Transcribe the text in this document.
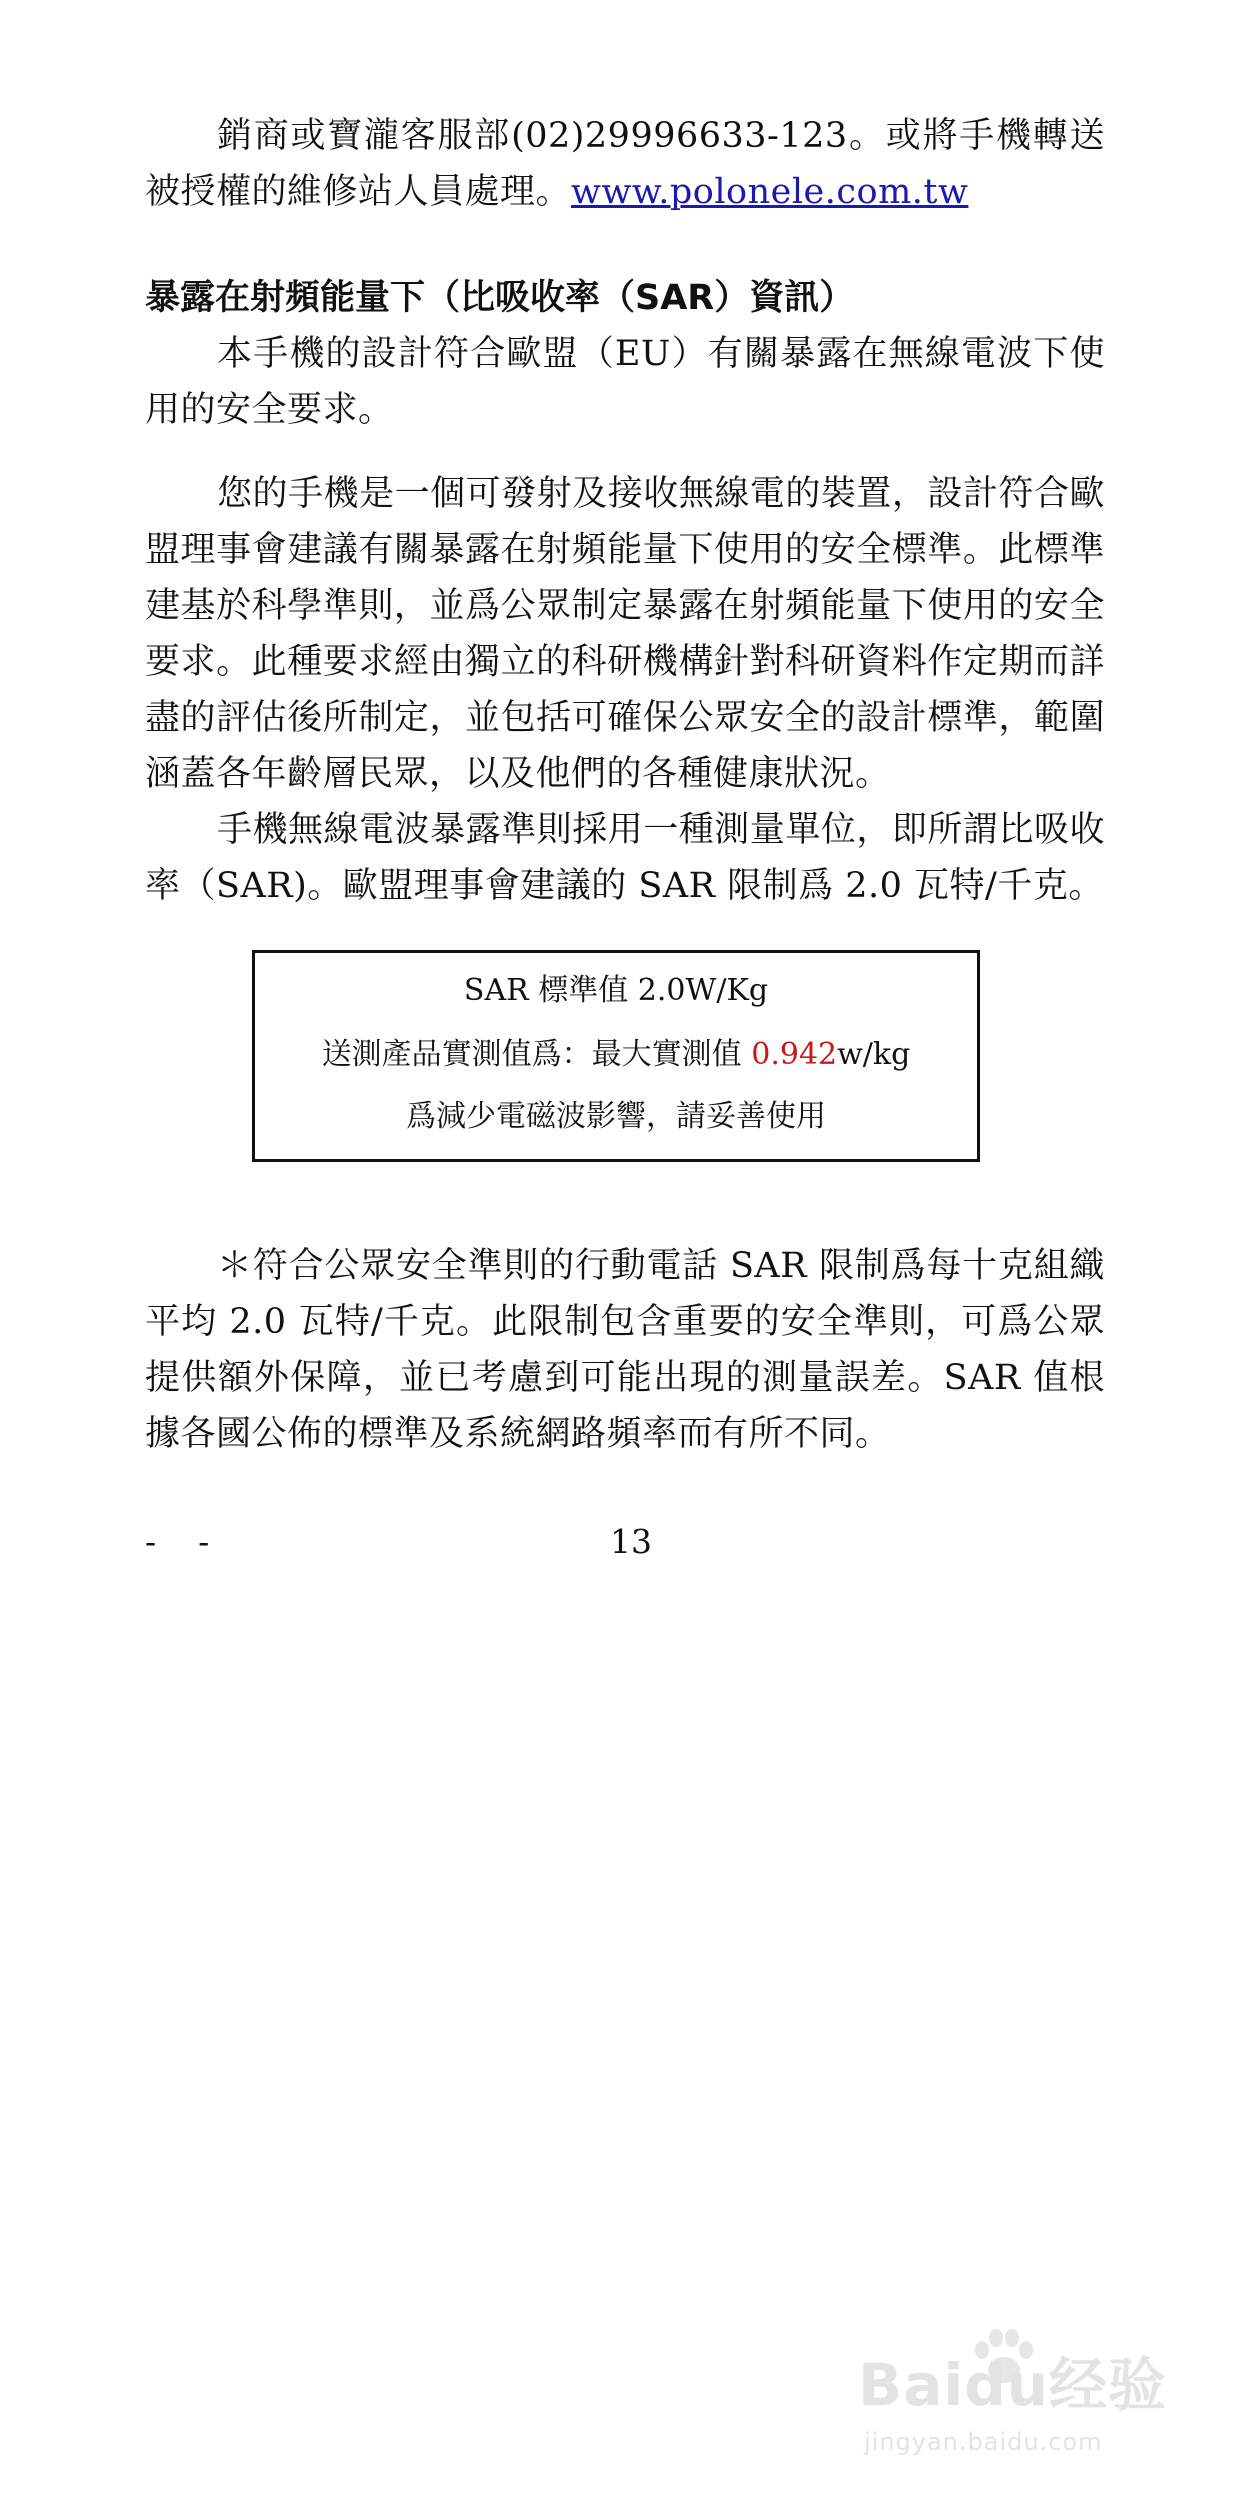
銷商或寶瀧客服部(02)29996633-123。或將手機轉送被授權的維修站人員處理。www.polonele.com.tw

暴露在射頻能量下（比吸收率（SAR）資訊）

本手機的設計符合歐盟（EU）有關暴露在無線電波下使用的安全要求。

您的手機是一個可發射及接收無線電的裝置，設計符合歐盟理事會建議有關暴露在射頻能量下使用的安全標準。此標準建基於科學準則，並爲公眾制定暴露在射頻能量下使用的安全要求。此種要求經由獨立的科研機構針對科研資料作定期而詳盡的評估後所制定，並包括可確保公眾安全的設計標準，範圍涵蓋各年齡層民眾，以及他們的各種健康狀況。

手機無線電波暴露準則採用一種測量單位，即所謂比吸收率（SAR)。歐盟理事會建議的 SAR 限制爲 2.0 瓦特/千克。

SAR 標準值 2.0W/Kg
送測產品實測值爲：最大實測值 0.942w/kg
爲減少電磁波影響，請妥善使用

＊符合公眾安全準則的行動電話 SAR 限制爲每十克組織平均 2.0 瓦特/千克。此限制包含重要的安全準則，可爲公眾提供額外保障，並已考慮到可能出現的測量誤差。SAR 值根據各國公佈的標準及系統網路頻率而有所不同。

-    -	13
Baidu经验
jingyan.baidu.com
